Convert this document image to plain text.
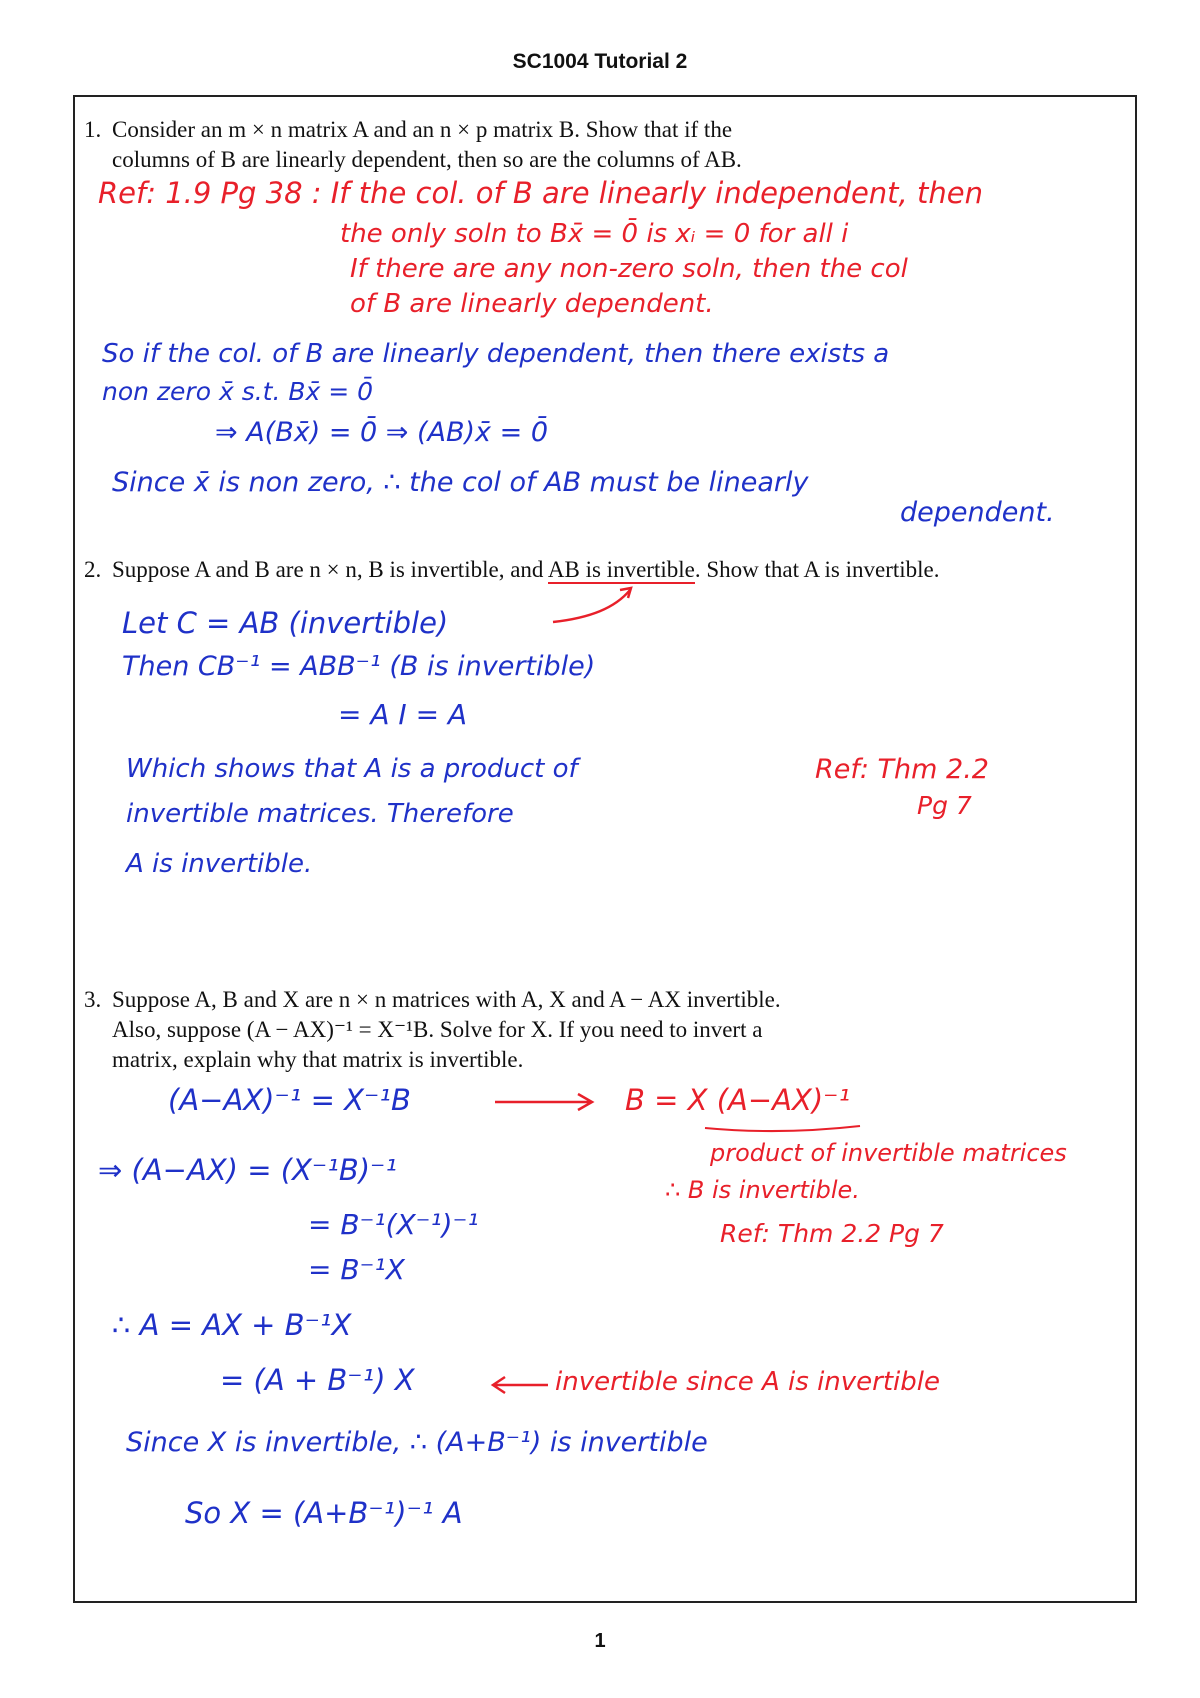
SC1004 Tutorial 2
1. Consider an m × n matrix A and an n × p matrix B. Show that if the
columns of B are linearly dependent, then so are the columns of AB.
Ref: 1.9 Pg 38 : If the col. of B are linearly independent, then
the only soln to Bx̄ = 0̄ is xᵢ = 0 for all i
If there are any non-zero soln, then the col
of B are linearly dependent.
So if the col. of B are linearly dependent, then there exists a
non zero x̄ s.t. Bx̄ = 0̄
⇒ A(Bx̄) = 0̄ ⇒ (AB)x̄ = 0̄
Since x̄ is non zero, ∴ the col of AB must be linearly
dependent.
2. Suppose A and B are n × n, B is invertible, and AB is invertible. Show that A is invertible.
Let C = AB (invertible)
Then CB⁻¹ = ABB⁻¹ (B is invertible)
= A I = A
Which shows that A is a product of
invertible matrices. Therefore
A is invertible.
Ref: Thm 2.2
Pg 7
3. Suppose A, B and X are n × n matrices with A, X and A − AX invertible.
Also, suppose (A − AX)⁻¹ = X⁻¹B. Solve for X. If you need to invert a
matrix, explain why that matrix is invertible.
(A−AX)⁻¹ = X⁻¹B
⇒ (A−AX) = (X⁻¹B)⁻¹
= B⁻¹(X⁻¹)⁻¹
= B⁻¹X
∴ A = AX + B⁻¹X
= (A + B⁻¹) X
Since X is invertible, ∴ (A+B⁻¹) is invertible
So X = (A+B⁻¹)⁻¹ A
B = X (A−AX)⁻¹
product of invertible matrices
∴ B is invertible.
Ref: Thm 2.2 Pg 7
invertible since A is invertible
1
